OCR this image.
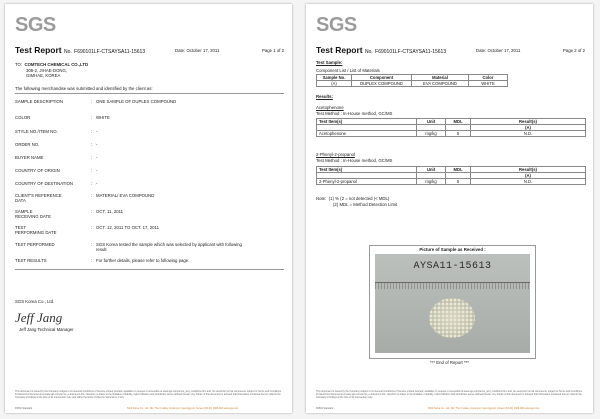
SGS
Test Report No. F690101LF-CTSAYSA11-15613	Date: October 17, 2011	Page 1 of 2
TO: COMTECH CHEMICAL CO.,LTD
305-2, JIHAE-DONG,
GIMHAE, KOREA
The following merchandise was submitted and identified by the client as:
SAMPLE DESCRIPTION	: ONE SAMPLE OF DUPLEX COMPOUND
COLOR	: WHITE
STYLE NO./ITEM NO.	: -
ORDER NO.	: -
BUYER NAME	: -
COUNTRY OF ORIGIN	: -
COUNTRY OF DESTINATION	: -
CLIENT'S REFERENCE
DATA
: MATERIAL/ EVA COMPOUND
SAMPLE
RECEIVING DATE
: OCT. 11, 2011
TEST
PERFORMING DATE
: OCT. 12, 2011 TO OCT. 17, 2011
TEST PERFORMED	: SGS Korea tested the sample which was selected by applicant with following
result
TEST RESULTS	: For further details, please refer to following page.
SGS Korea Co., Ltd.
Jeff Jang
Jeff Jang Technical Manager
This document is issued by the Company subject to its General Conditions of Service printed overleaf, available on request or accessible at www.sgs.com/terms_and_conditions.htm and, for electronic format documents, subject to Terms and Conditions for Electronic Documents at www.sgs.com/terms_e-document.htm. Attention is drawn to the limitation of liability, indemnification and jurisdiction issues defined therein. Any holder of this document is advised that information contained hereon reflects the Company's findings at the time of its intervention only and within the limits of Client's instructions, if any.
F0502 Standard	SGS Korea Co., Ltd. 322, The O valley, Anyang-si, Gyeonggi-do, Korea t (82-31) 4608-000 www.sgs.com
SGS
Test Report No. F690101LF-CTSAYSA11-15613	Date: October 17, 2011	Page 2 of 2
Test Sample:
Component List / List of Materials
Sample No.	Component	Material	Color
(A)	DUPLEX COMPOUND	EVA COMPOUND	WHITE
Results:
Acetophenone
Test Method : In-House method, GC/MS
Test Item(s)	Unit	MDL	Result(s)
			(A)
Acetophenone	mg/kg	5	N.D.
2-Phenyl-2-propanol
Test Method : In-House method, GC/MS
Test Item(s)	Unit	MDL	Result(s)
			(A)
2-Phenyl-2-propanol	mg/kg	5	N.D.
Note: (1) % (2 = not detected (< MDL)
(2) MDL = Method Detection Limit
Picture of Sample as Received :
AYSA11-15613
*** End of Report ***
This document is issued by the Company subject to its General Conditions of Service printed overleaf, available on request or accessible at www.sgs.com/terms_and_conditions.htm and, for electronic format documents, subject to Terms and Conditions for Electronic Documents at www.sgs.com/terms_e-document.htm. Attention is drawn to the limitation of liability, indemnification and jurisdiction issues defined therein. Any holder of this document is advised that information contained hereon reflects the Company's findings at the time of its intervention only.
F0502 Standard	SGS Korea Co., Ltd. 322, The O valley, Anyang-si, Gyeonggi-do, Korea t (82-31) 4608-000 www.sgs.com
